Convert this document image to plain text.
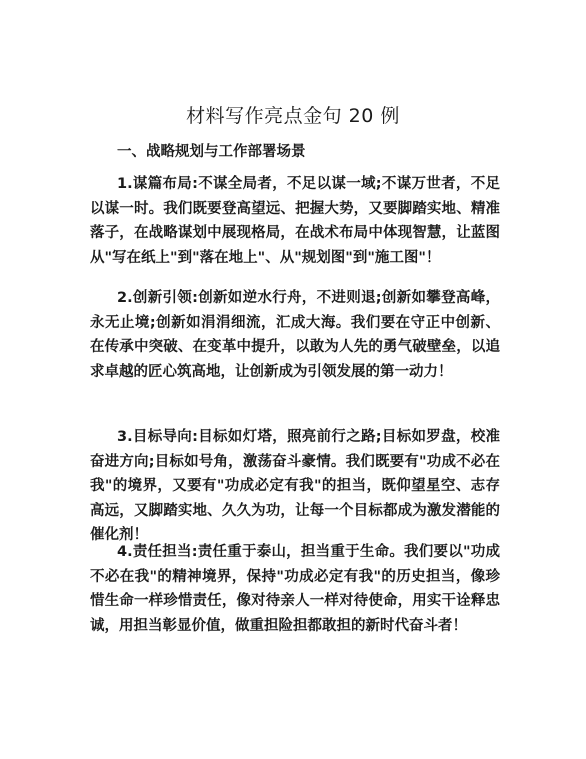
材料写作亮点金句 20 例
一、战略规划与工作部署场景
1.谋篇布局:不谋全局者，不足以谋一域;不谋万世者，不足以谋一时。我们既要登高望远、把握大势，又要脚踏实地、精准落子，在战略谋划中展现格局，在战术布局中体现智慧，让蓝图从"写在纸上"到"落在地上"、从"规划图"到"施工图"！
2.创新引领:创新如逆水行舟，不进则退;创新如攀登高峰，永无止境;创新如涓涓细流，汇成大海。我们要在守正中创新、在传承中突破、在变革中提升，以敢为人先的勇气破壁垒，以追求卓越的匠心筑高地，让创新成为引领发展的第一动力！
3.目标导向:目标如灯塔，照亮前行之路;目标如罗盘，校准奋进方向;目标如号角，激荡奋斗豪情。我们既要有"功成不必在我"的境界，又要有"功成必定有我"的担当，既仰望星空、志存高远，又脚踏实地、久久为功，让每一个目标都成为激发潜能的催化剂！
4.责任担当:责任重于泰山，担当重于生命。我们要以"功成不必在我"的精神境界，保持"功成必定有我"的历史担当，像珍惜生命一样珍惜责任，像对待亲人一样对待使命，用实干诠释忠诚，用担当彰显价值，做重担险担都敢担的新时代奋斗者！
